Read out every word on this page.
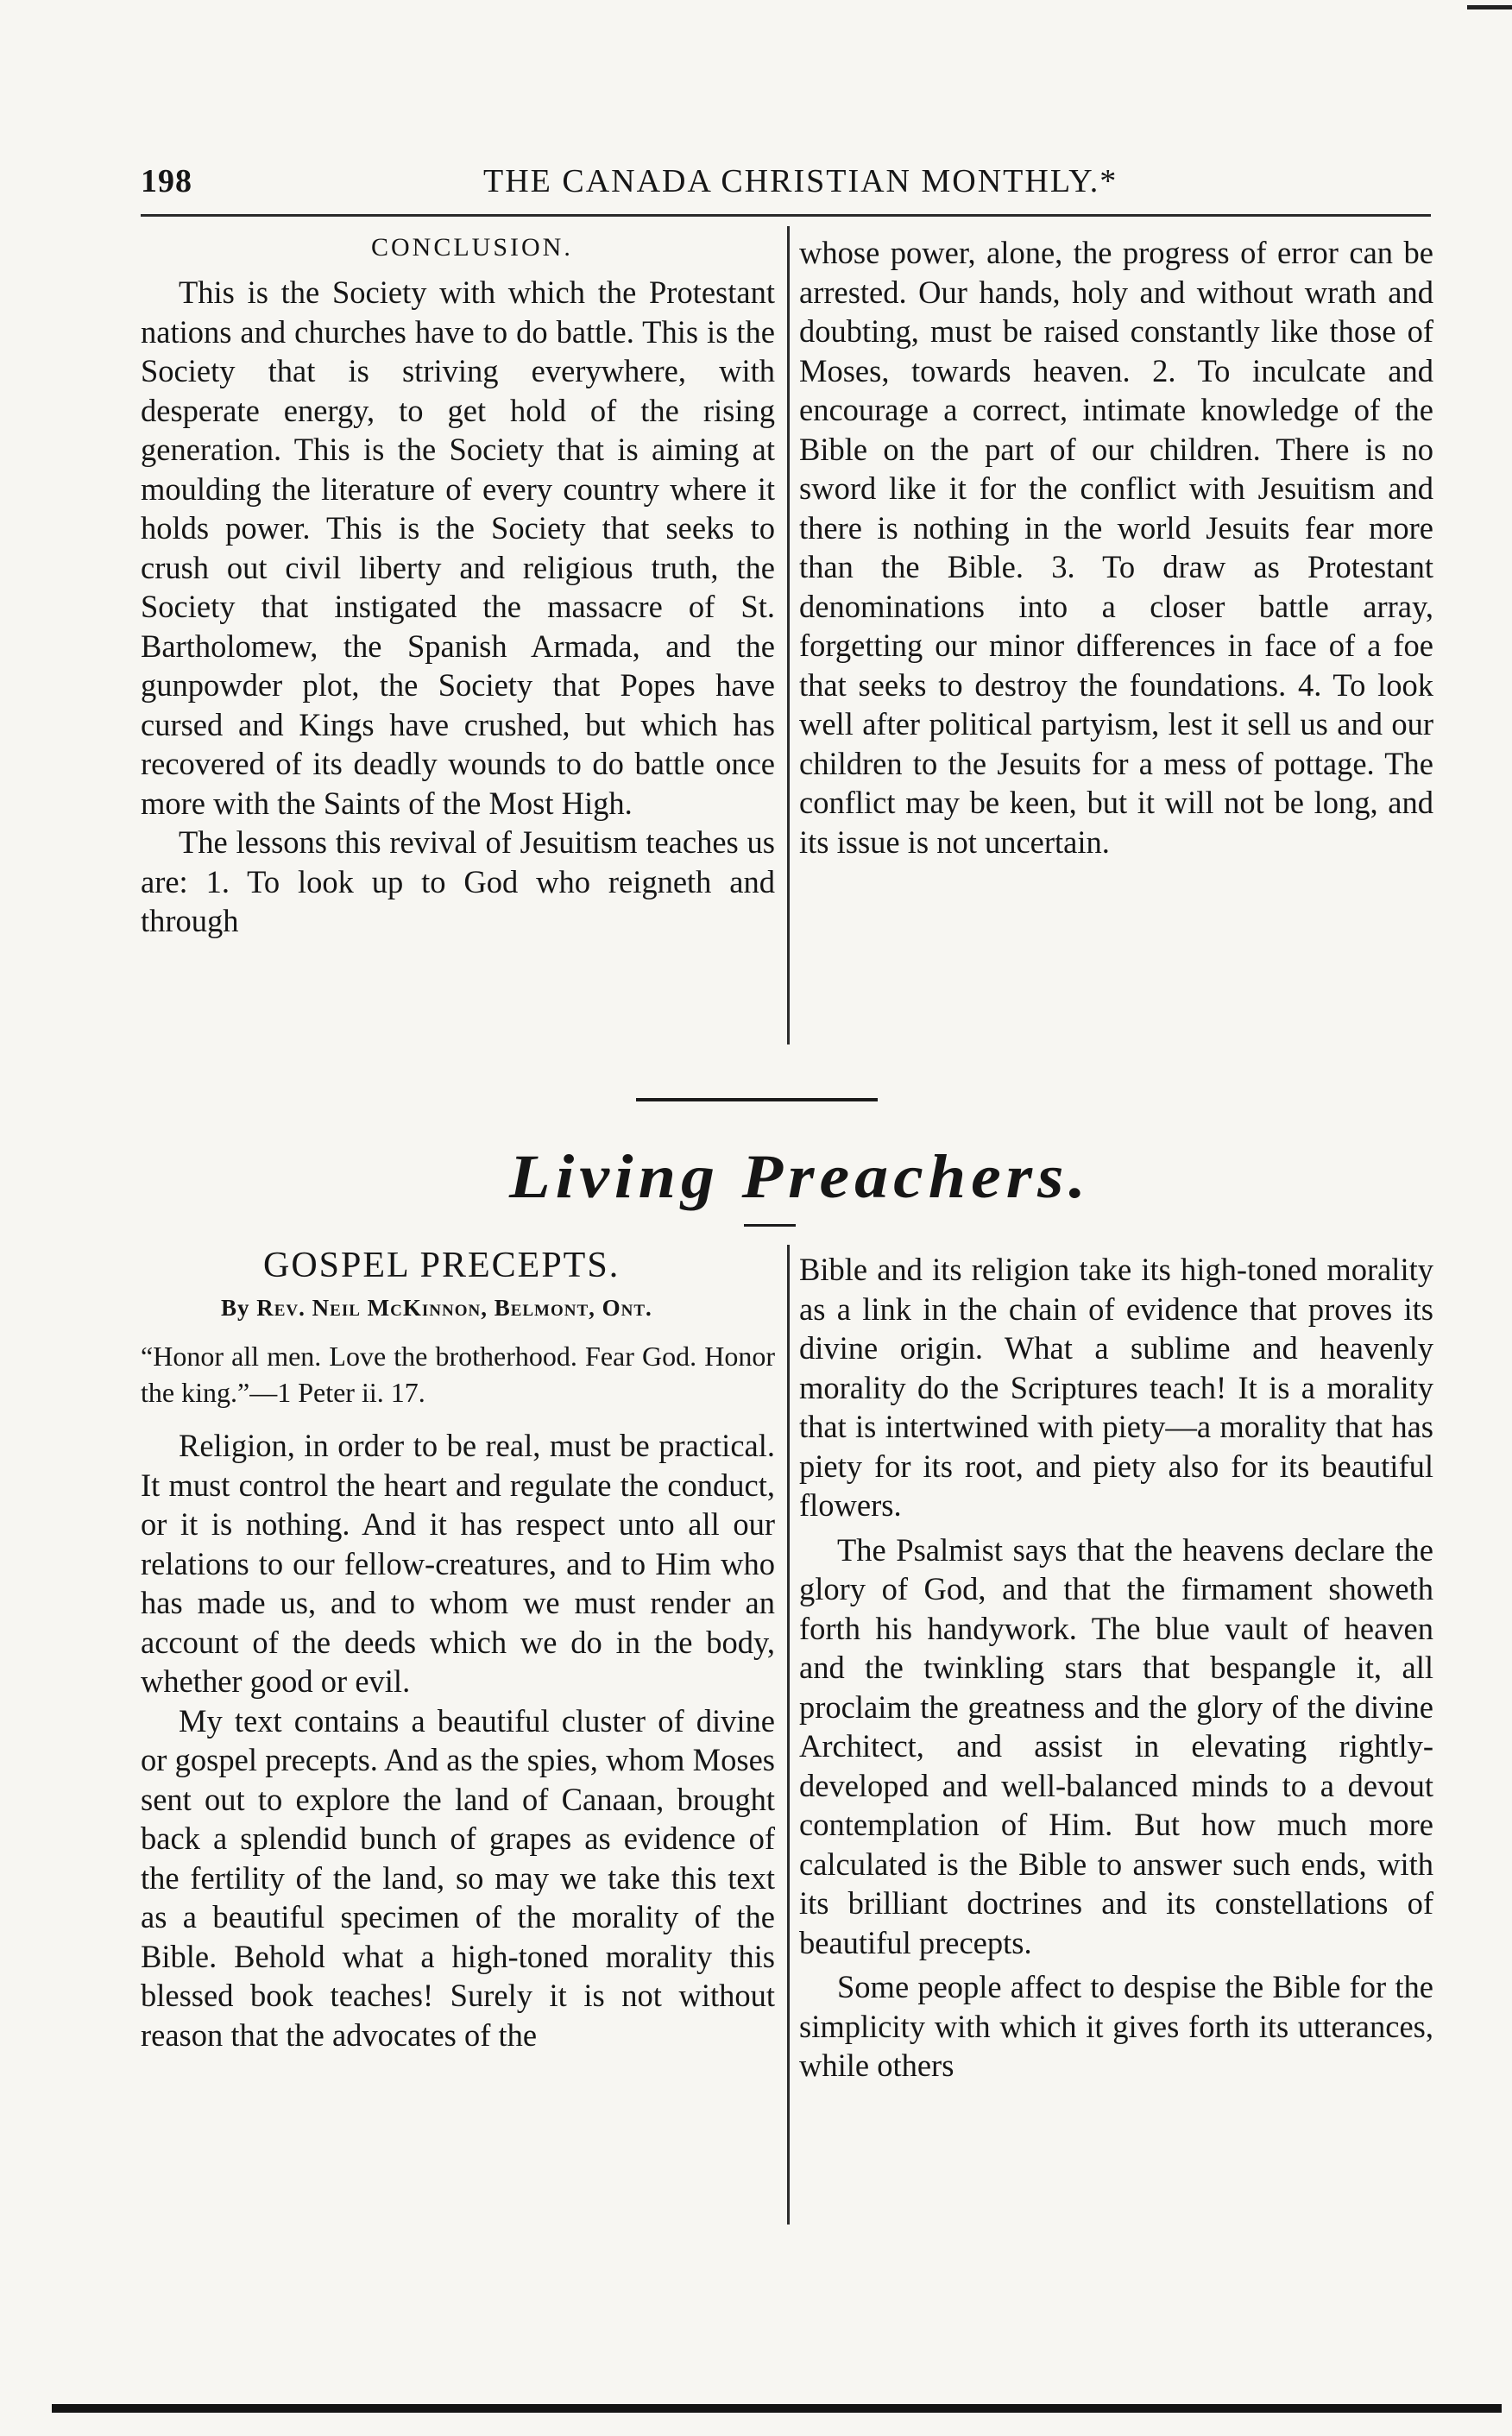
198	THE CANADA CHRISTIAN MONTHLY.*
CONCLUSION.

This is the Society with which the Protestant nations and churches have to do battle. This is the Society that is striving everywhere, with desperate energy, to get hold of the rising generation. This is the Society that is aiming at moulding the literature of every country where it holds power. This is the Society that seeks to crush out civil liberty and religious truth, the Society that instigated the massacre of St. Bartholomew, the Spanish Armada, and the gunpowder plot, the Society that Popes have cursed and Kings have crushed, but which has recovered of its deadly wounds to do battle once more with the Saints of the Most High.

The lessons this revival of Jesuitism teaches us are: 1. To look up to God who reigneth and through

whose power, alone, the progress of error can be arrested. Our hands, holy and without wrath and doubting, must be raised constantly like those of Moses, towards heaven. 2. To inculcate and encourage a correct, intimate knowledge of the Bible on the part of our children. There is no sword like it for the conflict with Jesuitism and there is nothing in the world Jesuits fear more than the Bible. 3. To draw as Protestant denominations into a closer battle array, forgetting our minor differences in face of a foe that seeks to destroy the foundations. 4. To look well after political partyism, lest it sell us and our children to the Jesuits for a mess of pottage. The conflict may be keen, but it will not be long, and its issue is not uncertain.

Living Preachers.
GOSPEL PRECEPTS.
By Rev. Neil McKinnon, Belmont, Ont.
“Honor all men. Love the brotherhood. Fear God. Honor the king.”—1 Peter ii. 17.

Religion, in order to be real, must be practical. It must control the heart and regulate the conduct, or it is nothing. And it has respect unto all our relations to our fellow-creatures, and to Him who has made us, and to whom we must render an account of the deeds which we do in the body, whether good or evil.

My text contains a beautiful cluster of divine or gospel precepts. And as the spies, whom Moses sent out to explore the land of Canaan, brought back a splendid bunch of grapes as evidence of the fertility of the land, so may we take this text as a beautiful specimen of the morality of the Bible. Behold what a high-toned morality this blessed book teaches! Surely it is not without reason that the advocates of the

Bible and its religion take its high-toned morality as a link in the chain of evidence that proves its divine origin. What a sublime and heavenly morality do the Scriptures teach! It is a morality that is intertwined with piety—a morality that has piety for its root, and piety also for its beautiful flowers.

The Psalmist says that the heavens declare the glory of God, and that the firmament showeth forth his handywork. The blue vault of heaven and the twinkling stars that bespangle it, all proclaim the greatness and the glory of the divine Architect, and assist in elevating rightly-developed and well-balanced minds to a devout contemplation of Him. But how much more calculated is the Bible to answer such ends, with its brilliant doctrines and its constellations of beautiful precepts.

Some people affect to despise the Bible for the simplicity with which it gives forth its utterances, while others
